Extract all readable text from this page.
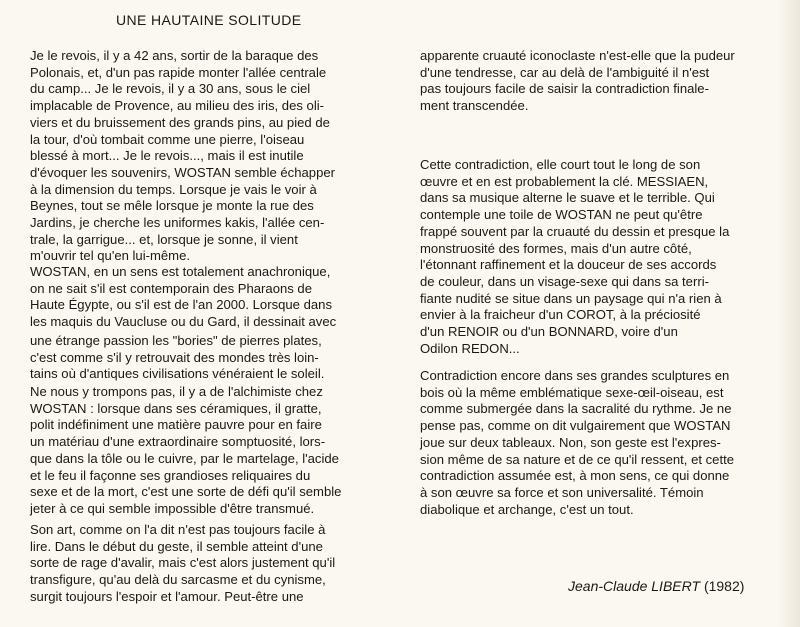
UNE HAUTAINE SOLITUDE
Je le revois, il y a 42 ans, sortir de la baraque des
Polonais, et, d'un pas rapide monter l'allée centrale
du camp... Je le revois, il y a 30 ans, sous le ciel
implacable de Provence, au milieu des iris, des oli-
viers et du bruissement des grands pins, au pied de
la tour, d'où tombait comme une pierre, l'oiseau
blessé à mort... Je le revois..., mais il est inutile
d'évoquer les souvenirs, WOSTAN semble échapper
à la dimension du temps. Lorsque je vais le voir à
Beynes, tout se mêle lorsque je monte la rue des
Jardins, je cherche les uniformes kakis, l'allée cen-
trale, la garrigue... et, lorsque je sonne, il vient
m'ouvrir tel qu'en lui-même.
WOSTAN, en un sens est totalement anachronique,
on ne sait s'il est contemporain des Pharaons de
Haute Égypte, ou s'il est de l'an 2000. Lorsque dans
les maquis du Vaucluse ou du Gard, il dessinait avec
une étrange passion les "bories" de pierres plates,
c'est comme s'il y retrouvait des mondes très loin-
tains où d'antiques civilisations vénéraient le soleil.
Ne nous y trompons pas, il y a de l'alchimiste chez
WOSTAN : lorsque dans ses céramiques, il gratte,
polit indéfiniment une matière pauvre pour en faire
un matériau d'une extraordinaire somptuosité, lors-
que dans la tôle ou le cuivre, par le martelage, l'acide
et le feu il façonne ses grandioses reliquaires du
sexe et de la mort, c'est une sorte de défi qu'il semble
jeter à ce qui semble impossible d'être transmué.
Son art, comme on l'a dit n'est pas toujours facile à
lire. Dans le début du geste, il semble atteint d'une
sorte de rage d'avalir, mais c'est alors justement qu'il
transfigure, qu'au delà du sarcasme et du cynisme,
surgit toujours l'espoir et l'amour. Peut-être une
apparente cruauté iconoclaste n'est-elle que la pudeur
d'une tendresse, car au delà de l'ambiguité il n'est
pas toujours facile de saisir la contradiction finale-
ment transcendée.
Cette contradiction, elle court tout le long de son
œuvre et en est probablement la clé. MESSIAEN,
dans sa musique alterne le suave et le terrible. Qui
contemple une toile de WOSTAN ne peut qu'être
frappé souvent par la cruauté du dessin et presque la
monstruosité des formes, mais d'un autre côté,
l'étonnant raffinement et la douceur de ses accords
de couleur, dans un visage-sexe qui dans sa terri-
fiante nudité se situe dans un paysage qui n'a rien à
envier à la fraicheur d'un COROT, à la préciosité
d'un RENOIR ou d'un BONNARD, voire d'un
Odilon REDON...
Contradiction encore dans ses grandes sculptures en
bois où la même emblématique sexe-œil-oiseau, est
comme submergée dans la sacralité du rythme. Je ne
pense pas, comme on dit vulgairement que WOSTAN
joue sur deux tableaux. Non, son geste est l'expres-
sion même de sa nature et de ce qu'il ressent, et cette
contradiction assumée est, à mon sens, ce qui donne
à son œuvre sa force et son universalité. Témoin
diabolique et archange, c'est un tout.
Jean-Claude LIBERT (1982)
